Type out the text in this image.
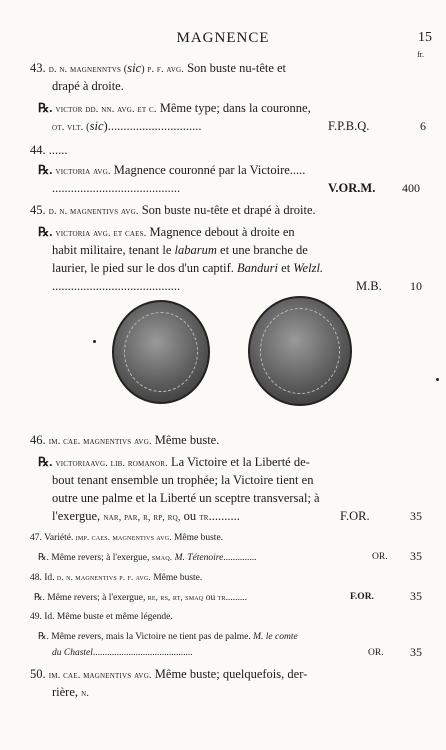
MAGNENCE	15
fr.
43. d. n. magnenntvs (sic) p. f. avg. Son buste nu-tête et
drapé à droite.
℞. victor dd. nn. avg. et c. Même type; dans la couronne,
ot. vlt. (sic)..............................	F.P.B.Q.	6
44. ......
℞. victoria avg. Magnence couronné par la Victoire.....
.........................................	V.OR.M. 400
45. d. n. magnentivs avg. Son buste nu-tête et drapé à droite.
℞. victoria avg. et caes. Magnence debout à droite en
habit militaire, tenant le labarum et une branche de
laurier, le pied sur le dos d'un captif. Banduri et Welzl.
.........................................	M.B. 10
46. im. cae. magnentivs avg. Même buste.
℞. victoriaavg. lib. romanor. La Victoire et la Liberté de-
bout tenant ensemble un trophée; la Victoire tient en
outre une palme et la Liberté un sceptre transversal; à
l'exergue, nar, par, r, rp, rq, ou tr..........	F.OR.	35
47. Variété. imp. caes. magnentivs avg. Même buste.
℞. Même revers; à l'exergue, smaq. M. Tétenoire..............	OR. 35
48. Id. d. n. magnentivs p. f. avg. Même buste.
℞. Même revers; à l'exergue, re, rs, rt, smaq ou tr.........	F.OR.	35
49. Id. Même buste et même légende.
℞. Même revers, mais la Victoire ne tient pas de palme. M. le comte
du Chastel..........................................	OR. 35
50. im. cae. magnentivs avg. Même buste; quelquefois, der-
rière, n.
